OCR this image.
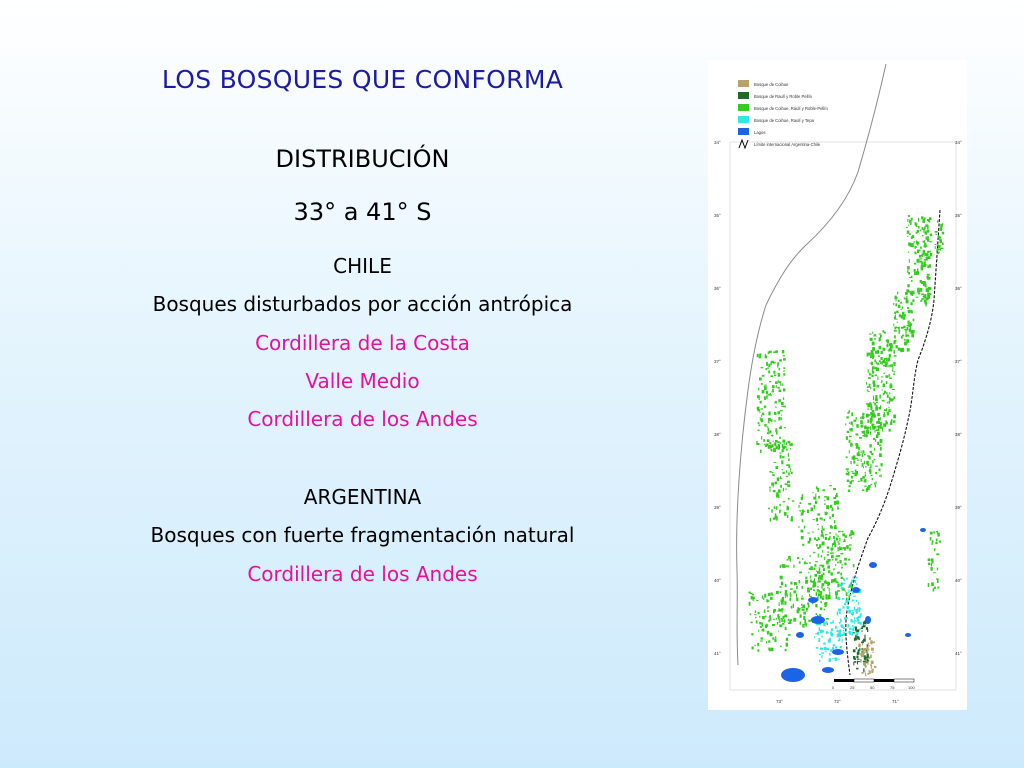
LOS BOSQUES QUE CONFORMA
DISTRIBUCIÓN
33° a 41° S
CHILE
Bosques disturbados por acción antrópica
Cordillera de la Costa
Valle Medio
Cordillera de los Andes
ARGENTINA
Bosques con fuerte fragmentación natural
Cordillera de los Andes
Bosque de Coihue
Bosque de Raulí y Roble Pellín
Bosque de Coihue, Raulí y Roble-Pellín
Bosque de Coihue, Raulí y Tepa
Lagos
Límite internacional Argentina-Chile
34°
35°
36°
37°
38°
39°
40°
41°
34°
35°
36°
37°
38°
39°
40°
41°
0	25	50	75	100
73°	72°	71°
